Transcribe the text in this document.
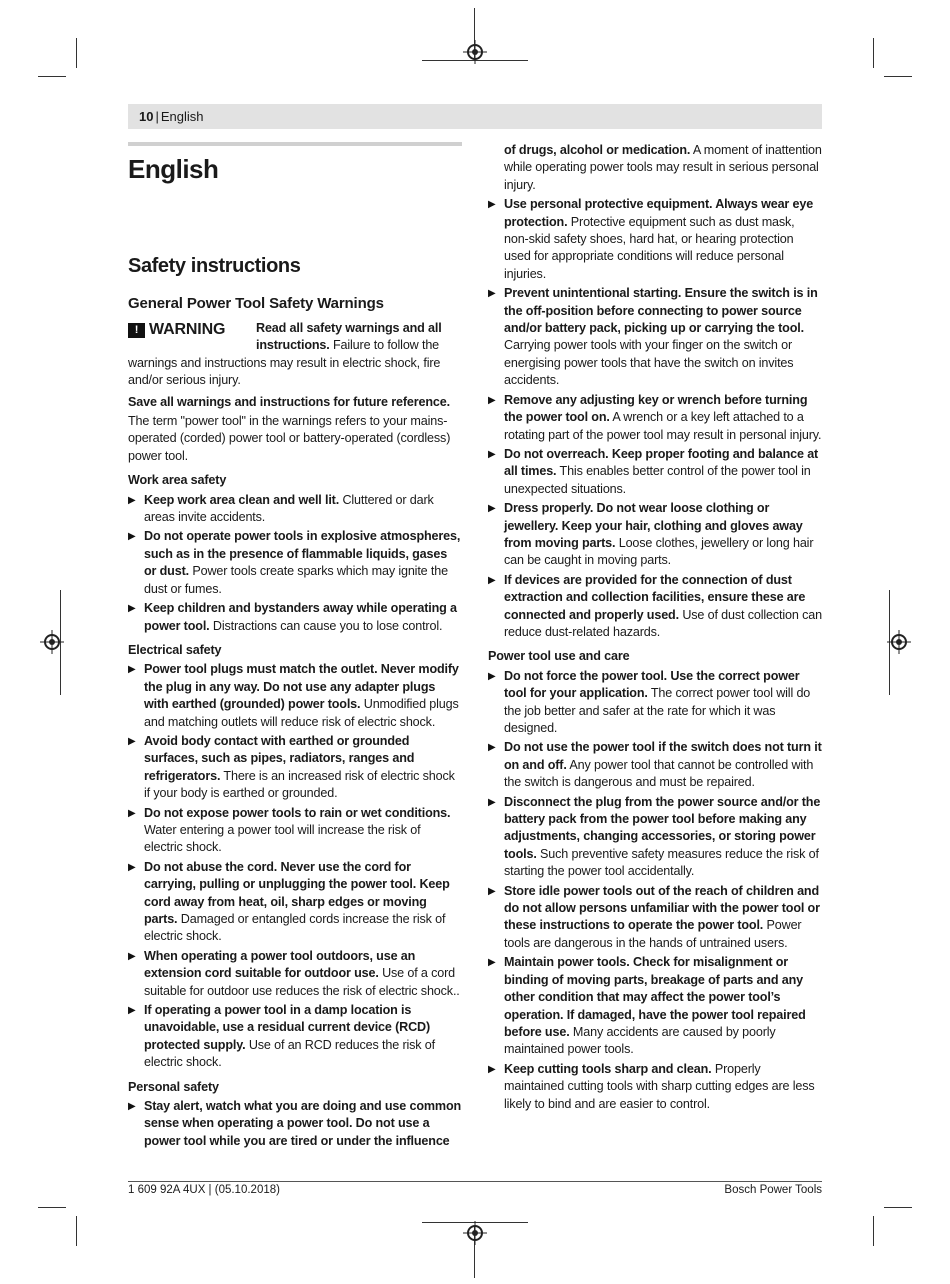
10 | English
English
Safety instructions
General Power Tool Safety Warnings
! WARNING	Read all safety warnings and all instructions. Failure to follow the warnings and instructions may result in electric shock, fire and/or serious injury.

Save all warnings and instructions for future reference.

The term "power tool" in the warnings refers to your mains-operated (corded) power tool or battery-operated (cordless) power tool.

Work area safety
▶ Keep work area clean and well lit. Cluttered or dark areas invite accidents.
▶ Do not operate power tools in explosive atmospheres, such as in the presence of flammable liquids, gases or dust. Power tools create sparks which may ignite the dust or fumes.
▶ Keep children and bystanders away while operating a power tool. Distractions can cause you to lose control.
Electrical safety
▶ Power tool plugs must match the outlet. Never modify the plug in any way. Do not use any adapter plugs with earthed (grounded) power tools. Unmodified plugs and matching outlets will reduce risk of electric shock.
▶ Avoid body contact with earthed or grounded surfaces, such as pipes, radiators, ranges and refrigerators. There is an increased risk of electric shock if your body is earthed or grounded.
▶ Do not expose power tools to rain or wet conditions. Water entering a power tool will increase the risk of electric shock.
▶ Do not abuse the cord. Never use the cord for carrying, pulling or unplugging the power tool. Keep cord away from heat, oil, sharp edges or moving parts. Damaged or entangled cords increase the risk of electric shock.
▶ When operating a power tool outdoors, use an extension cord suitable for outdoor use. Use of a cord suitable for outdoor use reduces the risk of electric shock..
▶ If operating a power tool in a damp location is unavoidable, use a residual current device (RCD) protected supply. Use of an RCD reduces the risk of electric shock.
Personal safety
▶ Stay alert, watch what you are doing and use common sense when operating a power tool. Do not use a power tool while you are tired or under the influence

of drugs, alcohol or medication. A moment of inattention while operating power tools may result in serious personal injury.

▶ Use personal protective equipment. Always wear eye protection. Protective equipment such as dust mask, non-skid safety shoes, hard hat, or hearing protection used for appropriate conditions will reduce personal injuries.
▶ Prevent unintentional starting. Ensure the switch is in the off-position before connecting to power source and/or battery pack, picking up or carrying the tool. Carrying power tools with your finger on the switch or energising power tools that have the switch on invites accidents.
▶ Remove any adjusting key or wrench before turning the power tool on. A wrench or a key left attached to a rotating part of the power tool may result in personal injury.
▶ Do not overreach. Keep proper footing and balance at all times. This enables better control of the power tool in unexpected situations.
▶ Dress properly. Do not wear loose clothing or jewellery. Keep your hair, clothing and gloves away from moving parts. Loose clothes, jewellery or long hair can be caught in moving parts.
▶ If devices are provided for the connection of dust extraction and collection facilities, ensure these are connected and properly used. Use of dust collection can reduce dust-related hazards.
Power tool use and care
▶ Do not force the power tool. Use the correct power tool for your application. The correct power tool will do the job better and safer at the rate for which it was designed.
▶ Do not use the power tool if the switch does not turn it on and off. Any power tool that cannot be controlled with the switch is dangerous and must be repaired.
▶ Disconnect the plug from the power source and/or the battery pack from the power tool before making any adjustments, changing accessories, or storing power tools. Such preventive safety measures reduce the risk of starting the power tool accidentally.
▶ Store idle power tools out of the reach of children and do not allow persons unfamiliar with the power tool or these instructions to operate the power tool. Power tools are dangerous in the hands of untrained users.
▶ Maintain power tools. Check for misalignment or binding of moving parts, breakage of parts and any other condition that may affect the power tool’s operation. If damaged, have the power tool repaired before use. Many accidents are caused by poorly maintained power tools.
▶ Keep cutting tools sharp and clean. Properly maintained cutting tools with sharp cutting edges are less likely to bind and are easier to control.
1 609 92A 4UX | (05.10.2018)	Bosch Power Tools
